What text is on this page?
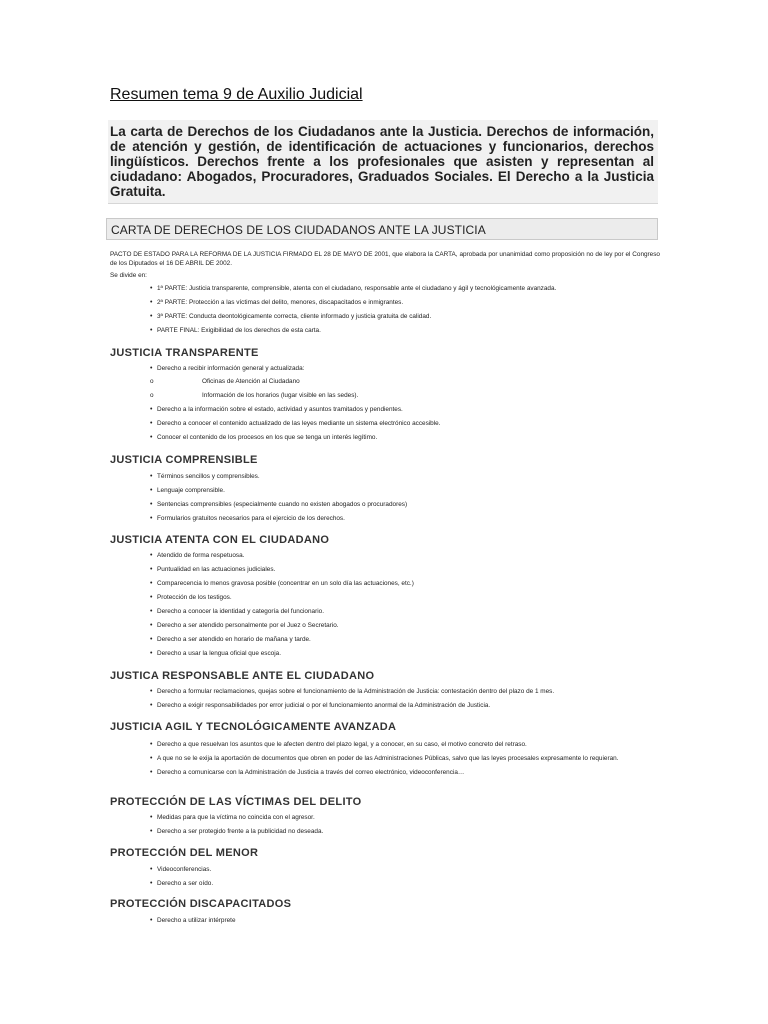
Resumen tema 9 de Auxilio Judicial
La carta de Derechos de los Ciudadanos ante la Justicia. Derechos de información, de atención y gestión, de identificación de actuaciones y funcionarios, derechos lingüísticos. Derechos frente a los profesionales que asisten y representan al ciudadano: Abogados, Procuradores, Graduados Sociales. El Derecho a la Justicia Gratuita.
CARTA DE DERECHOS DE LOS CIUDADANOS ANTE LA JUSTICIA

PACTO DE ESTADO PARA LA REFORMA DE LA JUSTICIA FIRMADO EL 28 DE MAYO DE 2001, que elabora la CARTA, aprobada por unanimidad como proposición no de ley por el Congreso de los Diputados el 16 DE ABRIL DE 2002.

Se divide en:

• 1ª PARTE: Justicia transparente, comprensible, atenta con el ciudadano, responsable ante el ciudadano y ágil y tecnológicamente avanzada.
• 2ª PARTE: Protección a las víctimas del delito, menores, discapacitados e inmigrantes.
• 3ª PARTE: Conducta deontológicamente correcta, cliente informado y justicia gratuita de calidad.
• PARTE FINAL: Exigibilidad de los derechos de esta carta.
JUSTICIA TRANSPARENTE
• Derecho a recibir información general y actualizada:
o	Oficinas de Atención al Ciudadano
o	Información de los horarios (lugar visible en las sedes).
• Derecho a la información sobre el estado, actividad y asuntos tramitados y pendientes.
• Derecho a conocer el contenido actualizado de las leyes mediante un sistema electrónico accesible.
• Conocer el contenido de los procesos en los que se tenga un interés legítimo.
JUSTICIA COMPRENSIBLE
• Términos sencillos y comprensibles.
• Lenguaje comprensible.
• Sentencias comprensibles (especialmente cuando no existen abogados o procuradores)
• Formularios gratuitos necesarios para el ejercicio de los derechos.
JUSTICIA ATENTA CON EL CIUDADANO
• Atendido de forma respetuosa.
• Puntualidad en las actuaciones judiciales.
• Comparecencia lo menos gravosa posible (concentrar en un solo día las actuaciones, etc.)
• Protección de los testigos.
• Derecho a conocer la identidad y categoría del funcionario.
• Derecho a ser atendido personalmente por el Juez o Secretario.
• Derecho a ser atendido en horario de mañana y tarde.
• Derecho a usar la lengua oficial que escoja.
JUSTICA RESPONSABLE ANTE EL CIUDADANO
• Derecho a formular reclamaciones, quejas sobre el funcionamiento de la Administración de Justicia: contestación dentro del plazo de 1 mes.
• Derecho a exigir responsabilidades por error judicial o por el funcionamiento anormal de la Administración de Justicia.
JUSTICIA AGIL Y TECNOLÓGICAMENTE AVANZADA
• Derecho a que resuelvan los asuntos que le afecten dentro del plazo legal, y a conocer, en su caso, el motivo concreto del retraso.
• A que no se le exija la aportación de documentos que obren en poder de las Administraciones Públicas, salvo que las leyes procesales expresamente lo requieran.
• Derecho a comunicarse con la Administración de Justicia a través del correo electrónico, videoconferencia…
PROTECCIÓN DE LAS VÍCTIMAS DEL DELITO
• Medidas para que la víctima no coincida con el agresor.
• Derecho a ser protegido frente a la publicidad no deseada.
PROTECCIÓN DEL MENOR
• Videoconferencias.
• Derecho a ser oído.
PROTECCIÓN DISCAPACITADOS
• Derecho a utilizar intérprete
